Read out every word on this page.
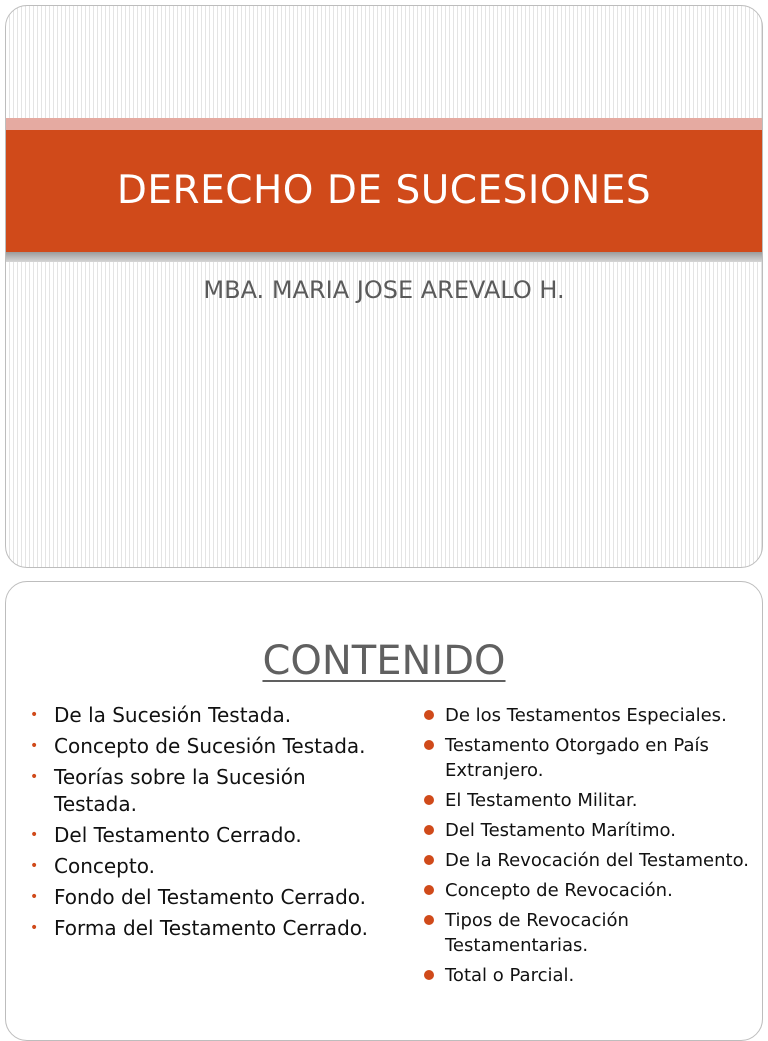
DERECHO DE SUCESIONES
MBA. MARIA JOSE AREVALO H.
CONTENIDO
• De la Sucesión Testada.
• Concepto de Sucesión Testada.
• Teorías sobre la Sucesión Testada.
• Del Testamento Cerrado.
• Concepto.
• Fondo del Testamento Cerrado.
• Forma del Testamento Cerrado.
De los Testamentos Especiales.
Testamento Otorgado en País Extranjero.
El Testamento Militar.
Del Testamento Marítimo.
De la Revocación del Testamento.
Concepto de Revocación.
Tipos de Revocación Testamentarias.
Total o Parcial.
